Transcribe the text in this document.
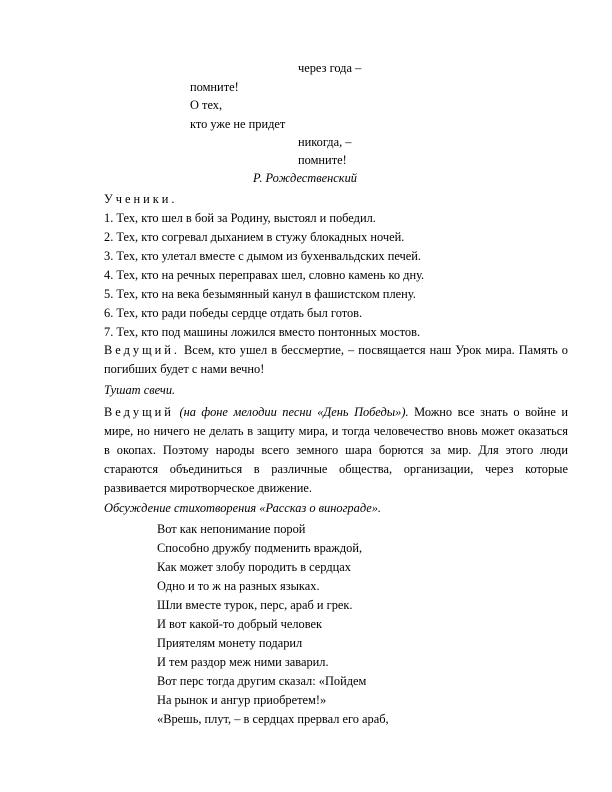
через года –
помните!
О тех,
кто уже не придет
никогда, –
помните!
Р. Рождественский
Ученики.
1. Тех, кто шел в бой за Родину, выстоял и победил.
2. Тех, кто согревал дыханием в стужу блокадных ночей.
3. Тех, кто улетал вместе с дымом из бухенвальдских печей.
4. Тех, кто на речных переправах шел, словно камень ко дну.
5. Тех, кто на века безымянный канул в фашистском плену.
6. Тех, кто ради победы сердце отдать был готов.
7. Тех, кто под машины ложился вместо понтонных мостов.
Ведущий. Всем, кто ушел в бессмертие, – посвящается наш Урок мира. Память о погибших будет с нами вечно!
Тушат свечи.
Ведущий (на фоне мелодии песни «День Победы»). Можно все знать о войне и мире, но ничего не делать в защиту мира, и тогда человечество вновь может оказаться в окопах. Поэтому народы всего земного шара борются за мир. Для этого люди стараются объединиться в различные общества, организации, через которые развивается миротворческое движение.
Обсуждение стихотворения «Рассказ о винограде».
Вот как непонимание порой
Способно дружбу подменить враждой,
Как может злобу породить в сердцах
Одно и то ж на разных языках.
Шли вместе турок, перс, араб и грек.
И вот какой-то добрый человек
Приятелям монету подарил
И тем раздор меж ними заварил.
Вот перс тогда другим сказал: «Пойдем
На рынок и ангур приобретем!»
«Врешь, плут, – в сердцах прервал его араб,
